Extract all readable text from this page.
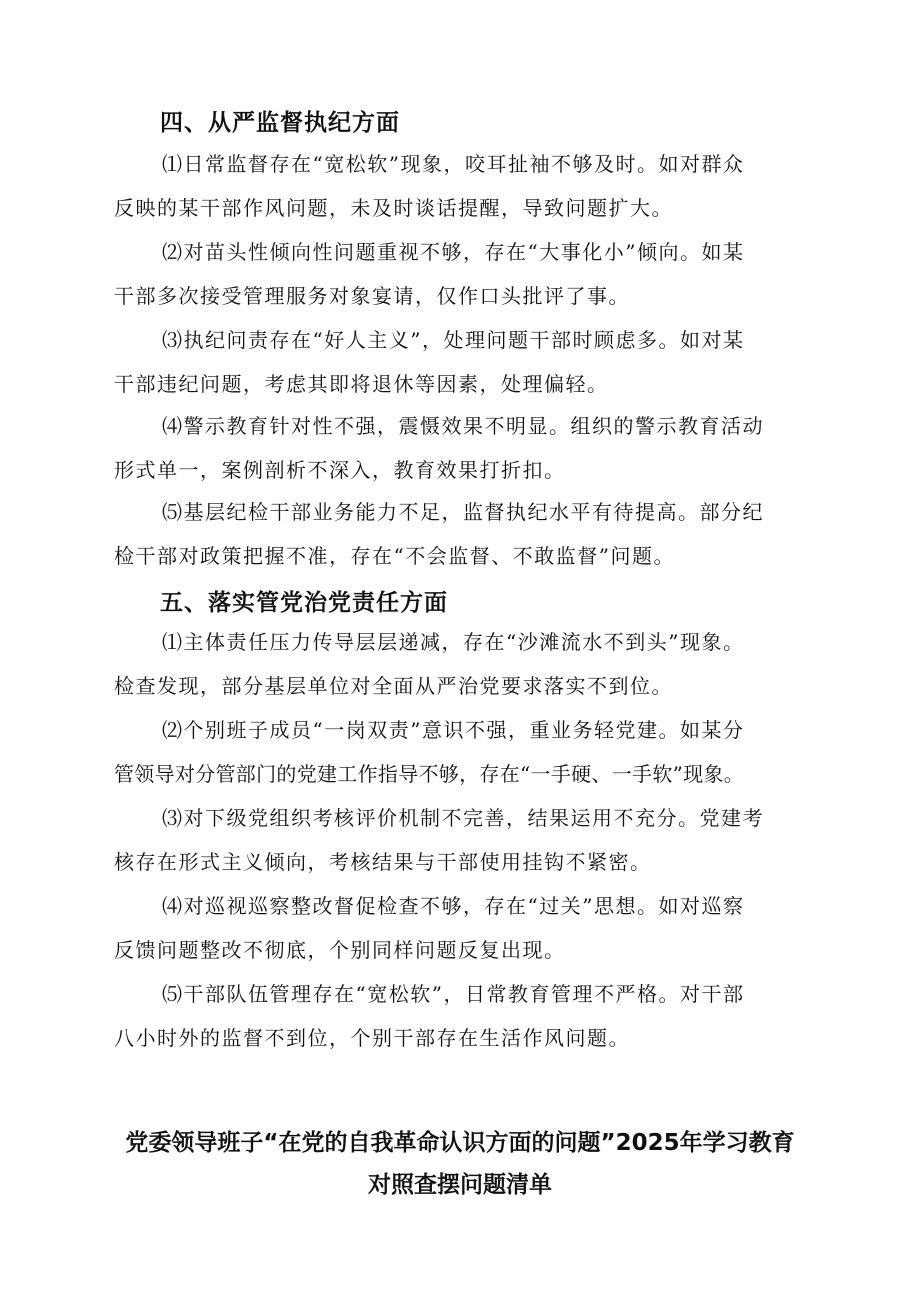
四、从严监督执纪方面
⑴日常监督存在“宽松软”现象，咬耳扯袖不够及时。如对群众
反映的某干部作风问题，未及时谈话提醒，导致问题扩大。
⑵对苗头性倾向性问题重视不够，存在“大事化小”倾向。如某
干部多次接受管理服务对象宴请，仅作口头批评了事。
⑶执纪问责存在“好人主义”，处理问题干部时顾虑多。如对某
干部违纪问题，考虑其即将退休等因素，处理偏轻。
⑷警示教育针对性不强，震慑效果不明显。组织的警示教育活动
形式单一，案例剖析不深入，教育效果打折扣。
⑸基层纪检干部业务能力不足，监督执纪水平有待提高。部分纪
检干部对政策把握不准，存在“不会监督、不敢监督”问题。
五、落实管党治党责任方面
⑴主体责任压力传导层层递减，存在“沙滩流水不到头”现象。
检查发现，部分基层单位对全面从严治党要求落实不到位。
⑵个别班子成员“一岗双责”意识不强，重业务轻党建。如某分
管领导对分管部门的党建工作指导不够，存在“一手硬、一手软”现象。
⑶对下级党组织考核评价机制不完善，结果运用不充分。党建考
核存在形式主义倾向，考核结果与干部使用挂钩不紧密。
⑷对巡视巡察整改督促检查不够，存在“过关”思想。如对巡察
反馈问题整改不彻底，个别同样问题反复出现。
⑸干部队伍管理存在“宽松软”，日常教育管理不严格。对干部
八小时外的监督不到位，个别干部存在生活作风问题。
党委领导班子“在党的自我革命认识方面的问题”2025年学习教育
对照查摆问题清单
